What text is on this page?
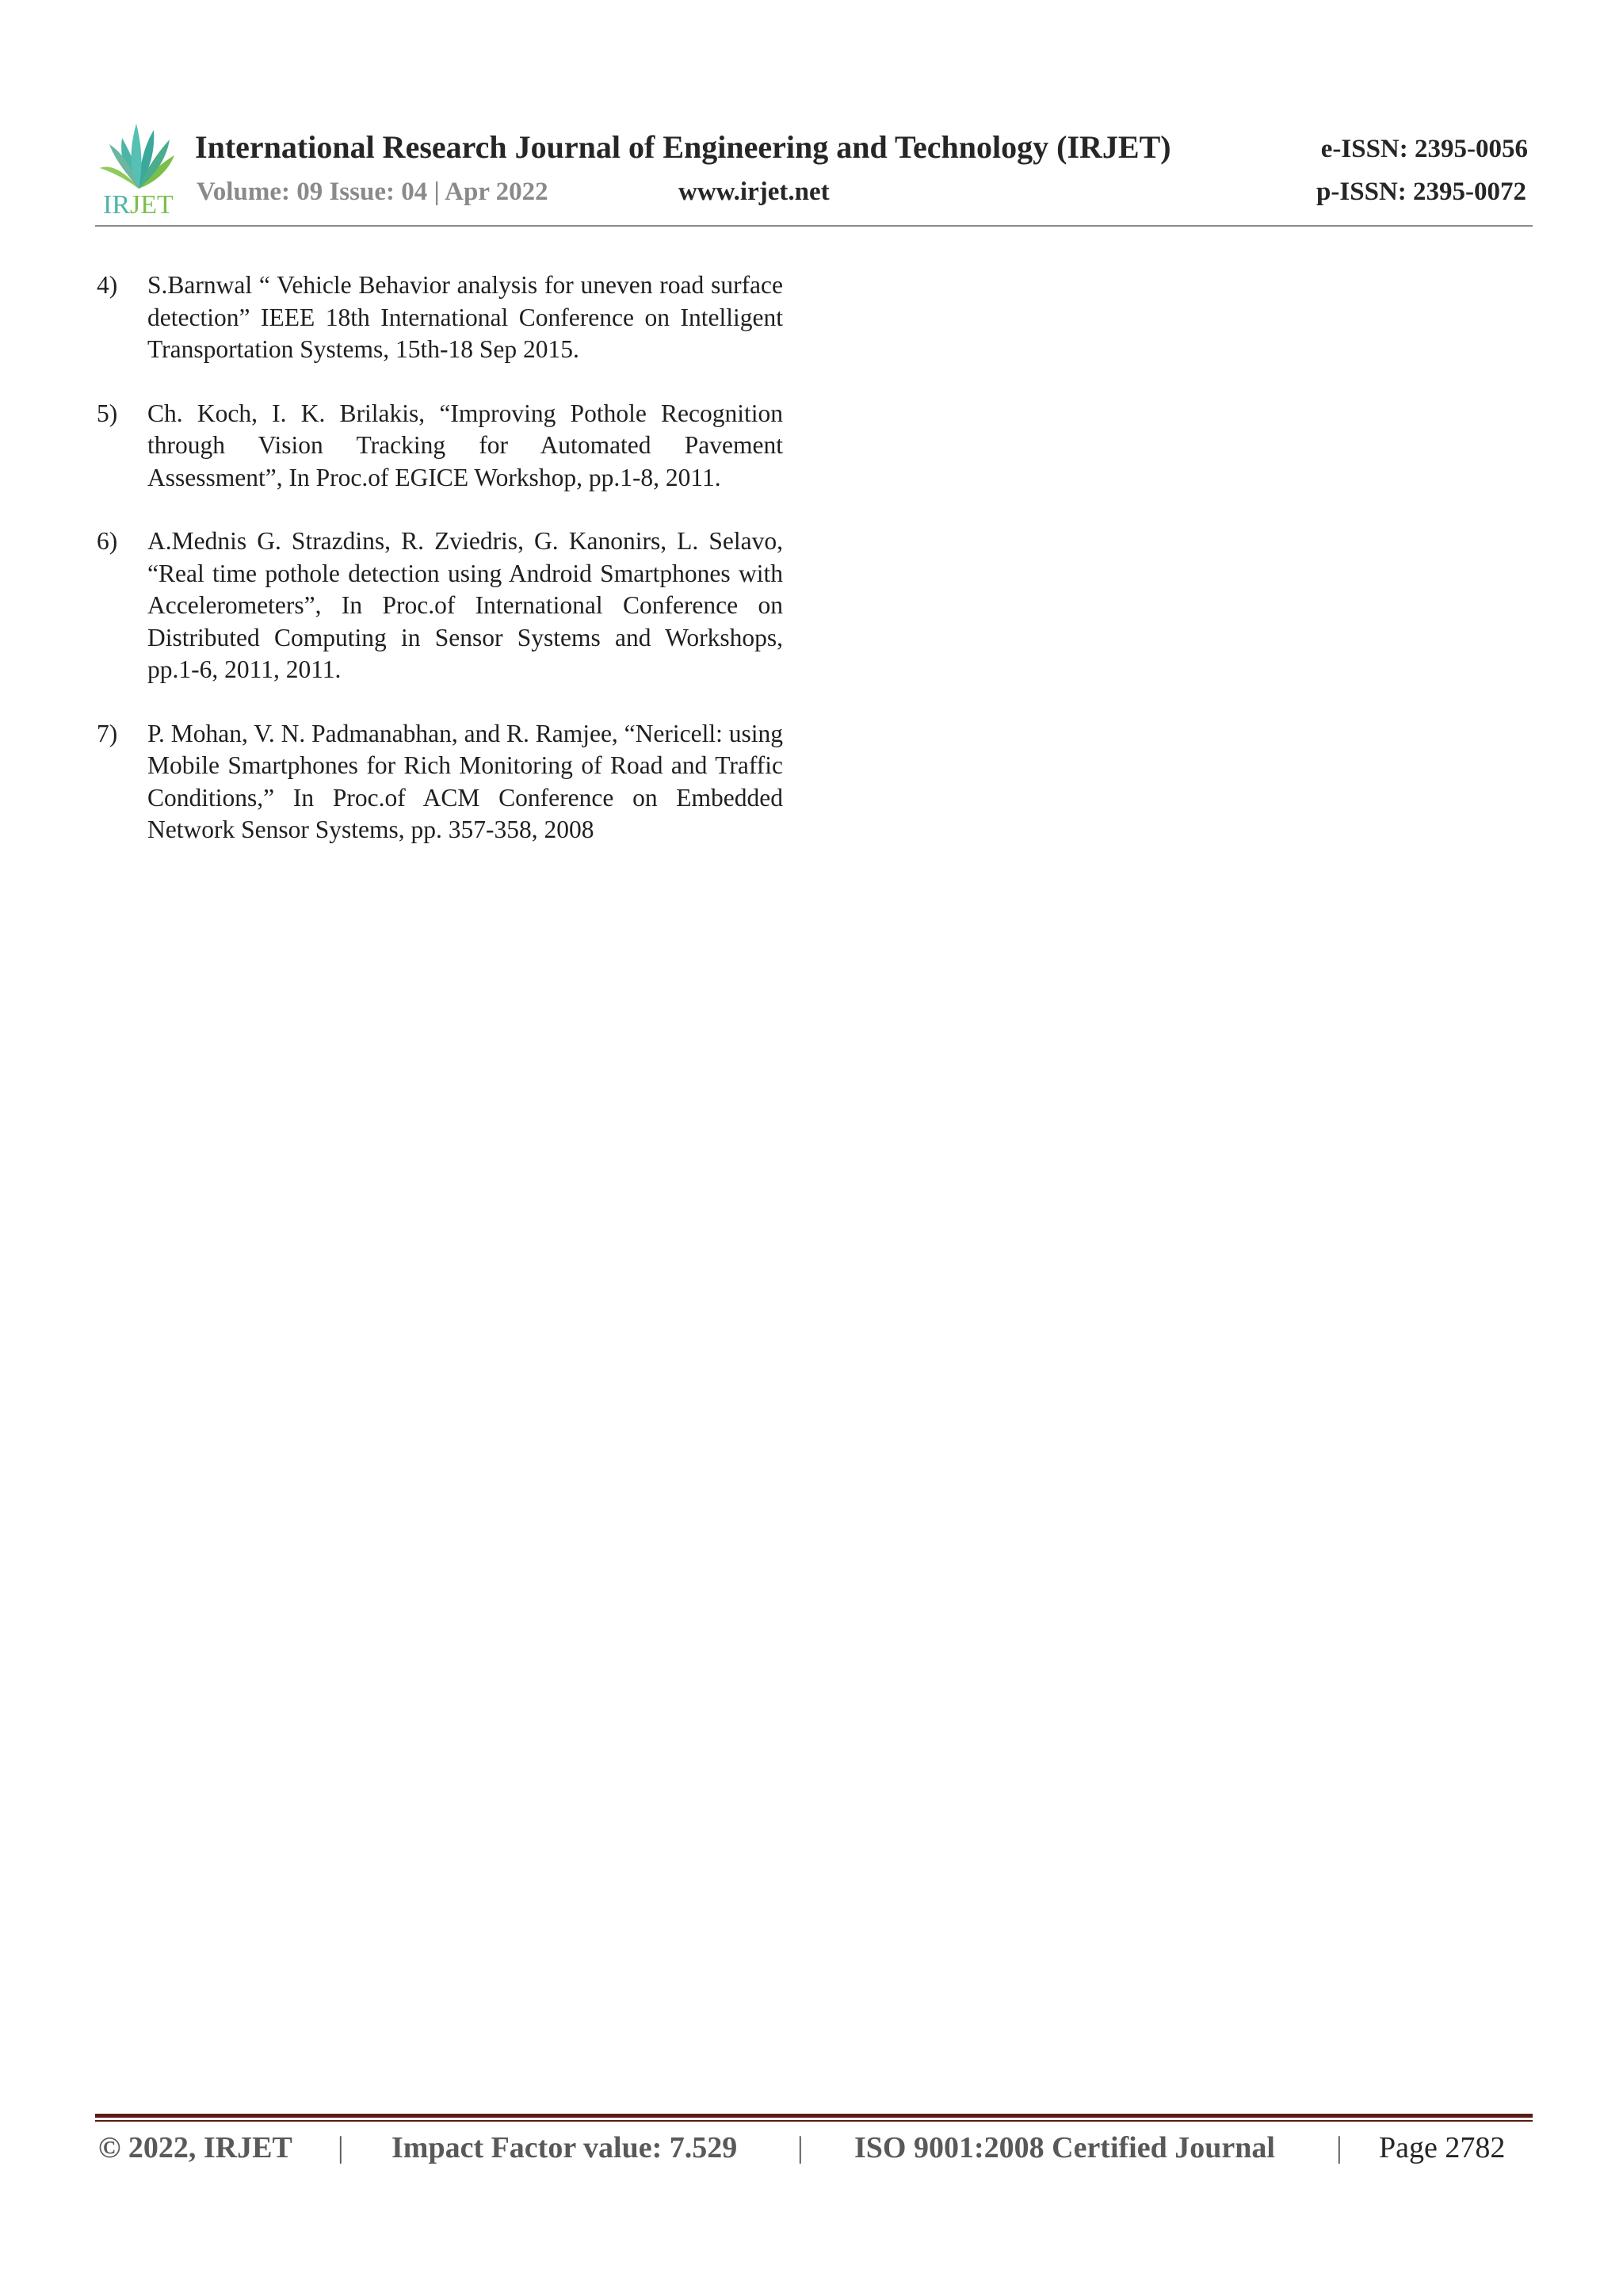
IRJET
International Research Journal of Engineering and Technology (IRJET)	e-ISSN: 2395-0056
Volume: 09 Issue: 04 | Apr 2022	www.irjet.net	p-ISSN: 2395-0072
4) S.Barnwal “ Vehicle Behavior analysis for uneven road surface detection” IEEE 18th International Conference on Intelligent Transportation Systems, 15th-18 Sep 2015.
5) Ch. Koch, I. K. Brilakis, “Improving Pothole Recognition through Vision Tracking for Automated Pavement Assessment”, In Proc.of EGICE Workshop, pp.1-8, 2011.
6) A.Mednis G. Strazdins, R. Zviedris, G. Kanonirs, L. Selavo, “Real time pothole detection using Android Smartphones with Accelerometers”, In Proc.of International Conference on Distributed Computing in Sensor Systems and Workshops, pp.1-6, 2011, 2011.
7) P. Mohan, V. N. Padmanabhan, and R. Ramjee, “Nericell: using Mobile Smartphones for Rich Monitoring of Road and Traffic Conditions,” In Proc.of ACM Conference on Embedded Network Sensor Systems, pp. 357-358, 2008
© 2022, IRJET | Impact Factor value: 7.529 | ISO 9001:2008 Certified Journal | Page 2782
